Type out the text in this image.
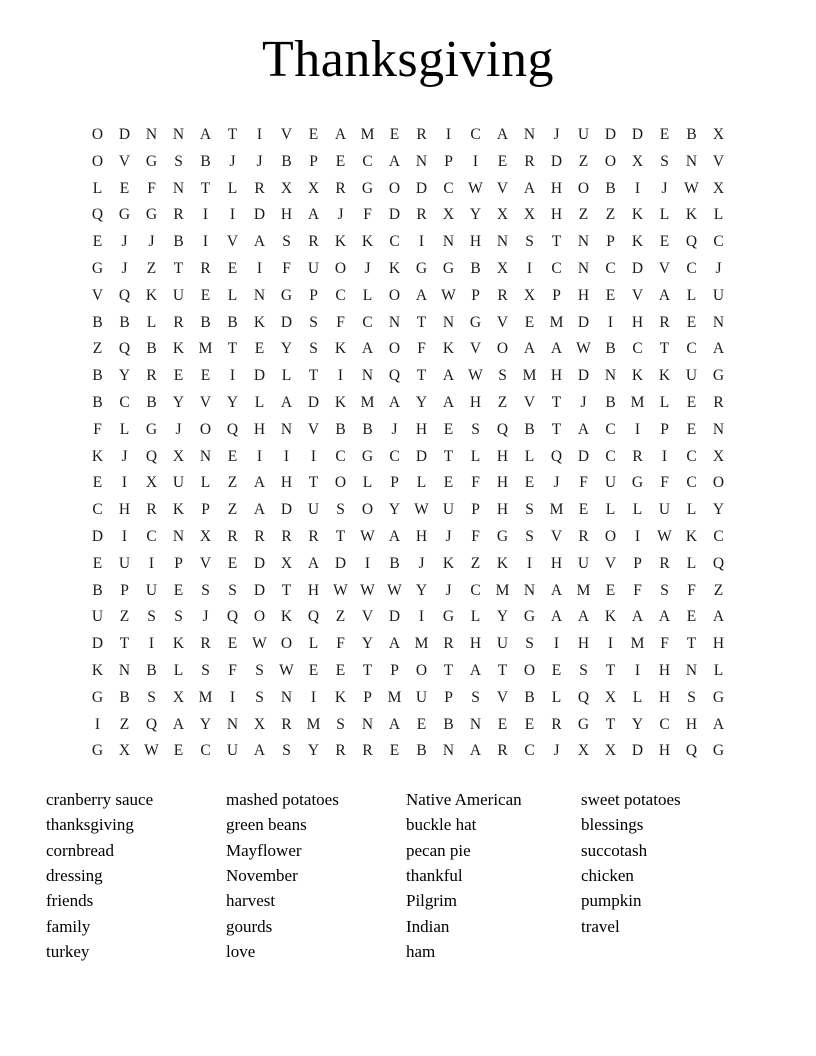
Thanksgiving
O	D	N	N	A	T	I	V	E	A	M	E	R	I	C	A	N	J	U	D	D	E	B	X
O	V	G	S	B	J	J	B	P	E	C	A	N	P	I	E	R	D	Z	O	X	S	N	V
L	E	F	N	T	L	R	X	X	R	G	O	D	C	W	V	A	H	O	B	I	J	W	X
Q	G	G	R	I	I	D	H	A	J	F	D	R	X	Y	X	X	H	Z	Z	K	L	K	L
E	J	J	B	I	V	A	S	R	K	K	C	I	N	H	N	S	T	N	P	K	E	Q	C
G	J	Z	T	R	E	I	F	U	O	J	K	G	G	B	X	I	C	N	C	D	V	C	J
V	Q	K	U	E	L	N	G	P	C	L	O	A	W	P	R	X	P	H	E	V	A	L	U
B	B	L	R	B	B	K	D	S	F	C	N	T	N	G	V	E	M	D	I	H	R	E	N
Z	Q	B	K	M	T	E	Y	S	K	A	O	F	K	V	O	A	A	W	B	C	T	C	A
B	Y	R	E	E	I	D	L	T	I	N	Q	T	A	W	S	M	H	D	N	K	K	U	G
B	C	B	Y	V	Y	L	A	D	K	M	A	Y	A	H	Z	V	T	J	B	M	L	E	R
F	L	G	J	O	Q	H	N	V	B	B	J	H	E	S	Q	B	T	A	C	I	P	E	N
K	J	Q	X	N	E	I	I	I	C	G	C	D	T	L	H	L	Q	D	C	R	I	C	X
E	I	X	U	L	Z	A	H	T	O	L	P	L	E	F	H	E	J	F	U	G	F	C	O
C	H	R	K	P	Z	A	D	U	S	O	Y	W	U	P	H	S	M	E	L	L	U	L	Y
D	I	C	N	X	R	R	R	R	T	W	A	H	J	F	G	S	V	R	O	I	W	K	C
E	U	I	P	V	E	D	X	A	D	I	B	J	K	Z	K	I	H	U	V	P	R	L	Q
B	P	U	E	S	S	D	T	H	W	W	W	Y	J	C	M	N	A	M	E	F	S	F	Z
U	Z	S	S	J	Q	O	K	Q	Z	V	D	I	G	L	Y	G	A	A	K	A	A	E	A
D	T	I	K	R	E	W	O	L	F	Y	A	M	R	H	U	S	I	H	I	M	F	T	H
K	N	B	L	S	F	S	W	E	E	T	P	O	T	A	T	O	E	S	T	I	H	N	L
G	B	S	X	M	I	S	N	I	K	P	M	U	P	S	V	B	L	Q	X	L	H	S	G
I	Z	Q	A	Y	N	X	R	M	S	N	A	E	B	N	E	E	R	G	T	Y	C	H	A
G	X	W	E	C	U	A	S	Y	R	R	E	B	N	A	R	C	J	X	X	D	H	Q	G
cranberry sauce
thanksgiving
cornbread
dressing
friends
family
turkey
mashed potatoes
green beans
Mayflower
November
harvest
gourds
love
Native American
buckle hat
pecan pie
thankful
Pilgrim
Indian
ham
sweet potatoes
blessings
succotash
chicken
pumpkin
travel
